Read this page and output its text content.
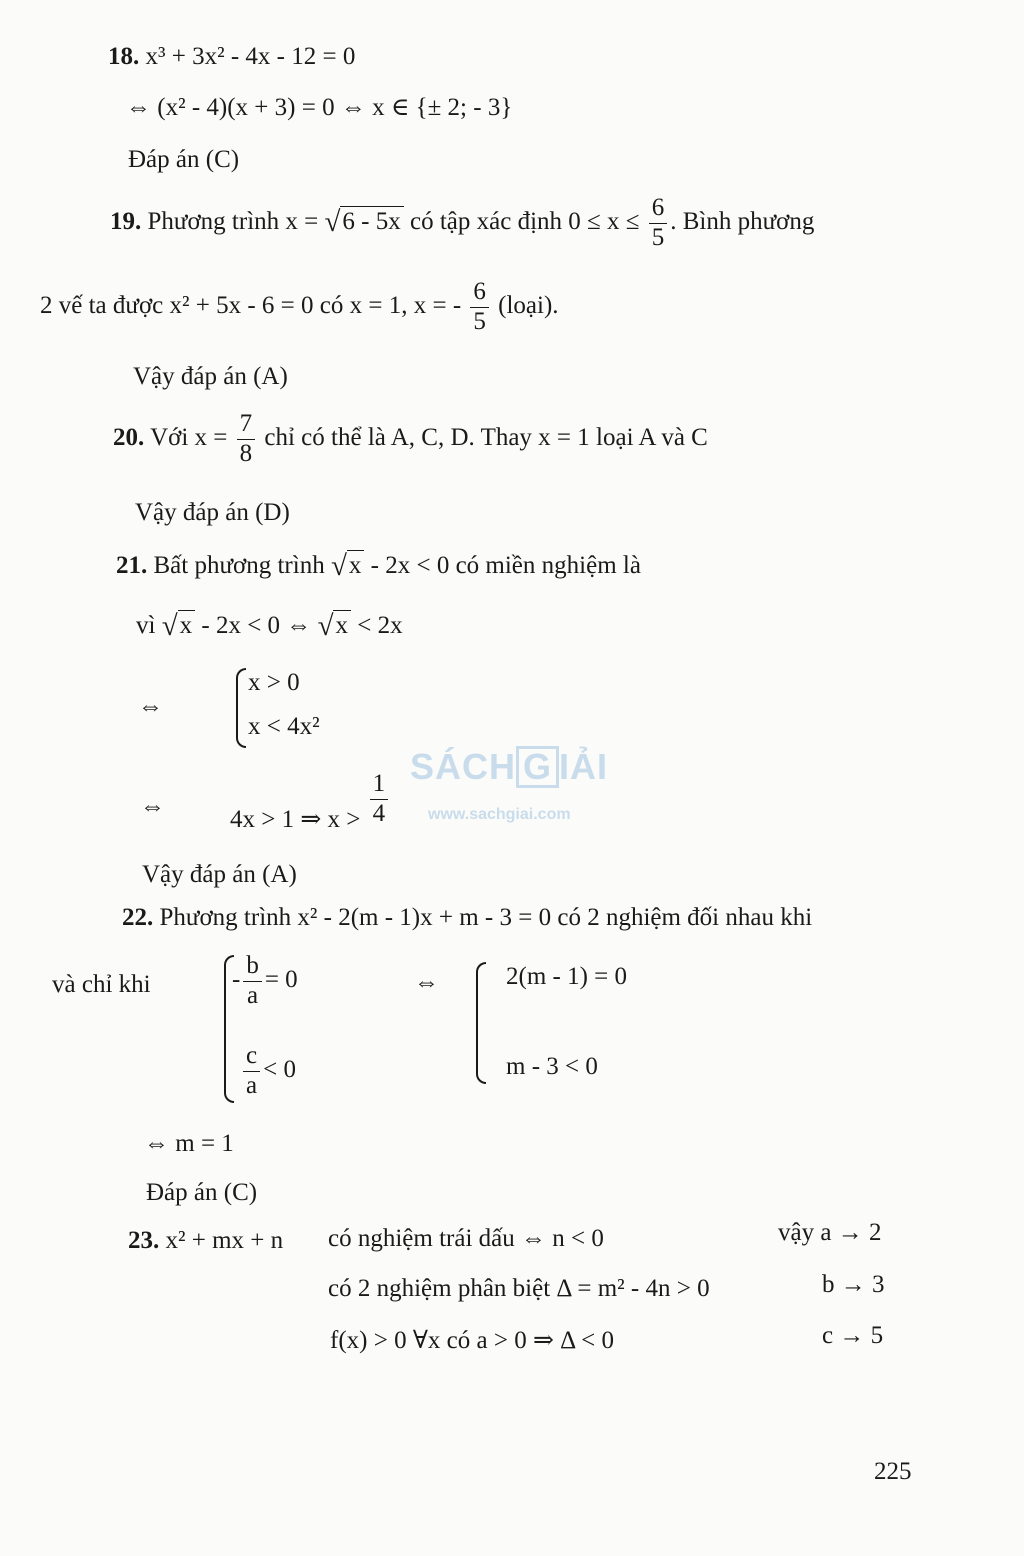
18. x³ + 3x² - 4x - 12 = 0
⇔ (x² - 4)(x + 3) = 0 ⇔ x ∈ {± 2; - 3}
Đáp án (C)
19. Phương trình x = √6 - 5x có tập xác định $0 \le x \le \frac{6}{5}$ . Bình phương
2 vế ta được x² + 5x - 6 = 0 có x = 1, x = - $\frac{6}{5}$ (loại).
Vậy đáp án (A)
20. Với $x = \frac{7}{8}$ chỉ có thể là A, C, D. Thay x = 1 loại A và C
Vậy đáp án (D)
21. Bất phương trình √x - 2x < 0 có miền nghiệm là
vì √x - 2x < 0 ⇔ √x < 2x
⇔
x > 0
x < 4x²
⇔	4x > 1 ⇒ $x > \frac{1}{4}$
Vậy đáp án (A)
22. Phương trình x² - 2(m - 1)x + m - 3 = 0 có 2 nghiệm đối nhau khi
và chỉ khi	- $\frac{b}{a} = 0$
$\frac{c}{a} < 0$
⇔	2(m - 1) = 0
m - 3 < 0
⇔ m = 1
Đáp án (C)
23. x² + mx + n có nghiệm trái dấu ⇔ n < 0	vậy a → 2
có 2 nghiệm phân biệt Δ = m² - 4n > 0	b → 3
f(x) > 0 ∀x có a > 0 ⇒ Δ < 0	c → 5
SÁCH G IẢI
www.sachgiai.com
225
